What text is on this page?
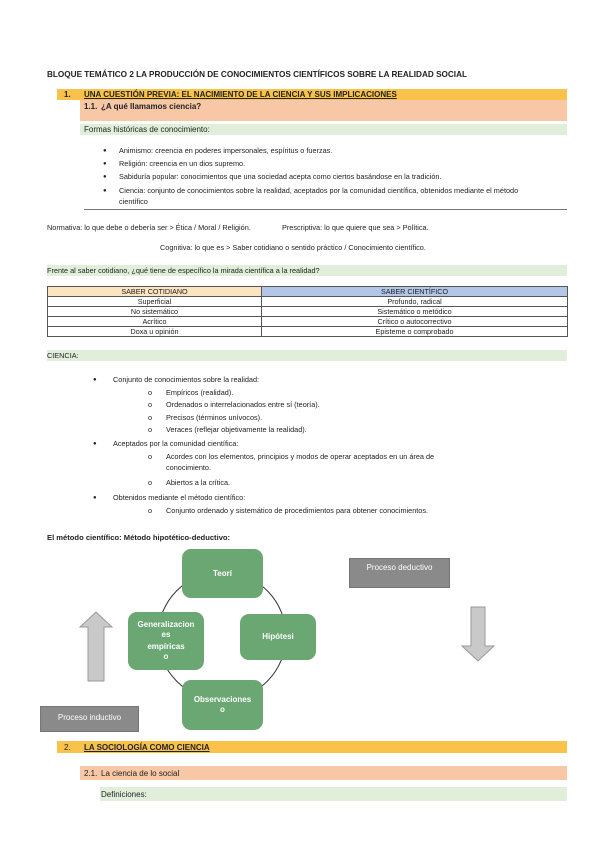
BLOQUE TEMÁTICO 2 LA PRODUCCIÓN DE CONOCIMIENTOS CIENTÍFICOS SOBRE LA REALIDAD SOCIAL
1. UNA CUESTIÓN PREVIA: EL NACIMIENTO DE LA CIENCIA Y SUS IMPLICACIONES
1.1. ¿A qué llamamos ciencia?
Formas históricas de conocimiento:
● Animismo: creencia en poderes impersonales, espíritus o fuerzas.
● Religión: creencia en un dios supremo.
● Sabiduría popular: conocimientos que una sociedad acepta como ciertos basándose en la tradición.
● Ciencia: conjunto de conocimientos sobre la realidad, aceptados por la comunidad científica, obtenidos mediante el método
científico
Normativa: lo que debe o debería ser > Ética / Moral / Religión.	Prescriptiva: lo que quiere que sea > Política.
Cognitiva: lo que es > Saber cotidiano o sentido práctico / Conocimiento científico.
Frente al saber cotidiano, ¿qué tiene de específico la mirada científica a la realidad?
SABER COTIDIANO	SABER CIENTÍFICO
Superficial	Profundo, radical
No sistemático	Sistemático o metódico
Acrítico	Crítico o autocorrectivo
Doxa u opinión	Episteme o comprobado
CIENCIA:
● Conjunto de conocimientos sobre la realidad:
o Empíricos (realidad).
o Ordenados o interrelacionados entre sí (teoría).
o Precisos (términos unívocos).
o Veraces (reflejar objetivamente la realidad).
● Aceptados por la comunidad científica:
o Acordes con los elementos, principios y modos de operar aceptados en un área de
conocimiento.
o Abiertos a la crítica.
● Obtenidos mediante el método científico:
o Conjunto ordenado y sistemático de procedimientos para obtener conocimientos.
El método científico: Método hipotético-deductivo:
Teorí
Hipótesi
Observaciones
o
Generalizacion
es
empíricas
o
Proceso deductivo
Proceso inductivo
2. LA SOCIOLOGÍA COMO CIENCIA
2.1. La ciencia de lo social
Definiciones:
